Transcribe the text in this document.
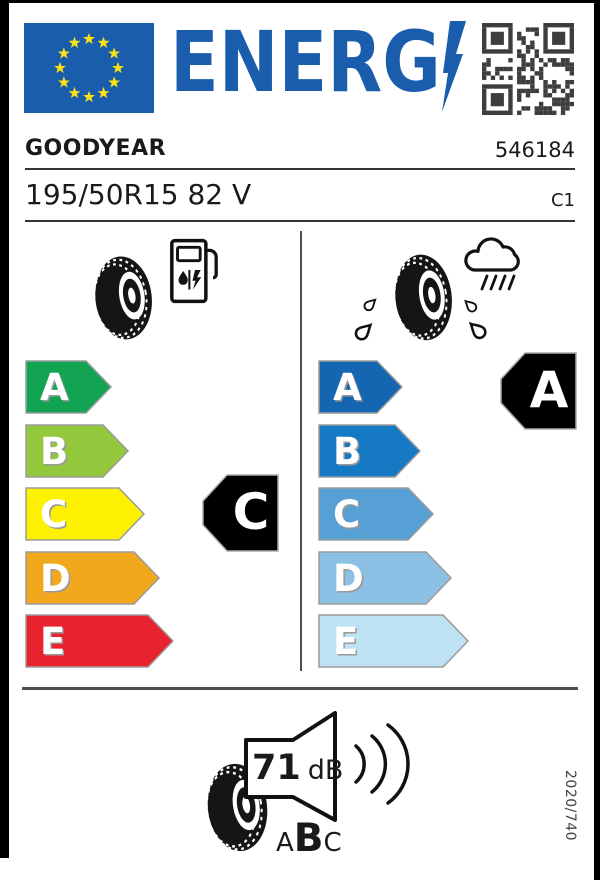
ENERG
GOODYEAR	546184
195/50R15 82 V	C1
A
B
C
D
E
C
A
B
C
D
E
A
71 dB
ABC
2020/740
